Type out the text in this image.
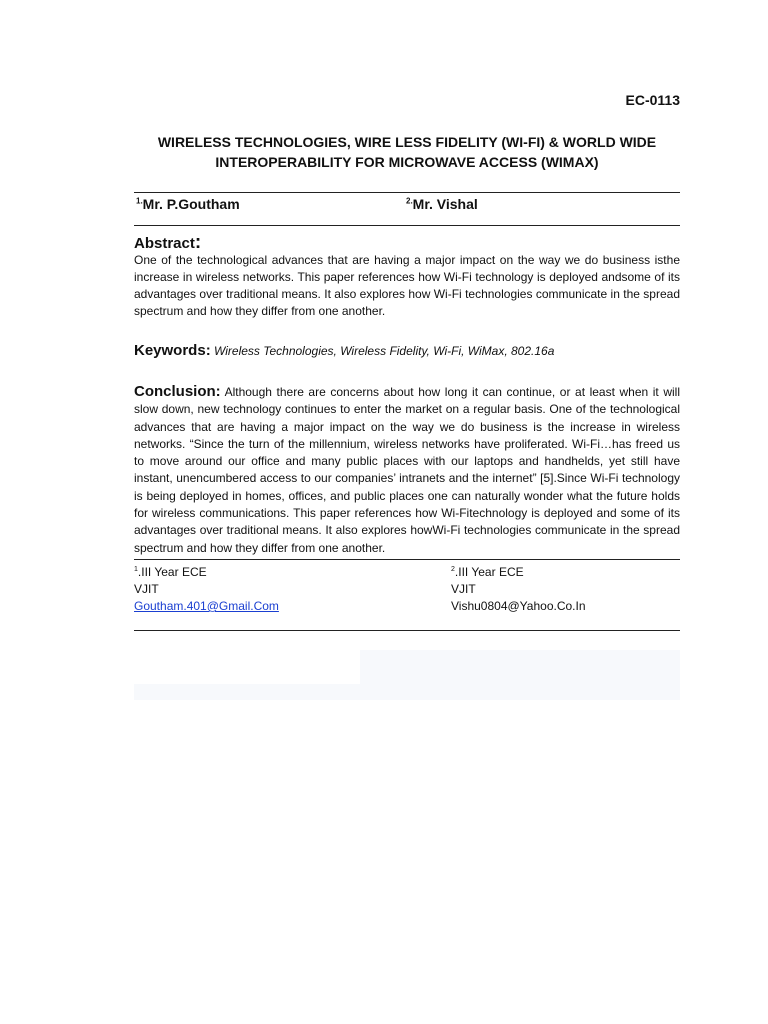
EC-0113
WIRELESS TECHNOLOGIES, WIRE LESS FIDELITY (WI-FI) & WORLD WIDE
INTEROPERABILITY FOR MICROWAVE ACCESS (WIMAX)
$^{1.}$Mr. P.Goutham	$^{2.}$Mr. Vishal
Abstract:
One of the technological advances that are having a major impact on the way we do business isthe increase in wireless networks. This paper references how Wi-Fi technology is deployed andsome of its advantages over traditional means. It also explores how Wi-Fi technologies communicate in the spread spectrum and how they differ from one another.
Keywords: Wireless Technologies, Wireless Fidelity, Wi-Fi, WiMax, 802.16a
Conclusion: Although there are concerns about how long it can continue, or at least when it will slow down, new technology continues to enter the market on a regular basis. One of the technological advances that are having a major impact on the way we do business is the increase in wireless networks. “Since the turn of the millennium, wireless networks have proliferated. Wi-Fi…has freed us to move around our office and many public places with our laptops and handhelds, yet still have instant, unencumbered access to our companies’ intranets and the internet” [5].Since Wi-Fi technology is being deployed in homes, offices, and public places one can naturally wonder what the future holds for wireless communications. This paper references how Wi-Fitechnology is deployed and some of its advantages over traditional means. It also explores howWi-Fi technologies communicate in the spread spectrum and how they differ from one another.
$^1$.III Year ECE
VJIT
Goutham.401@Gmail.Com
$^2$.III Year ECE
VJIT
Vishu0804@Yahoo.Co.In
